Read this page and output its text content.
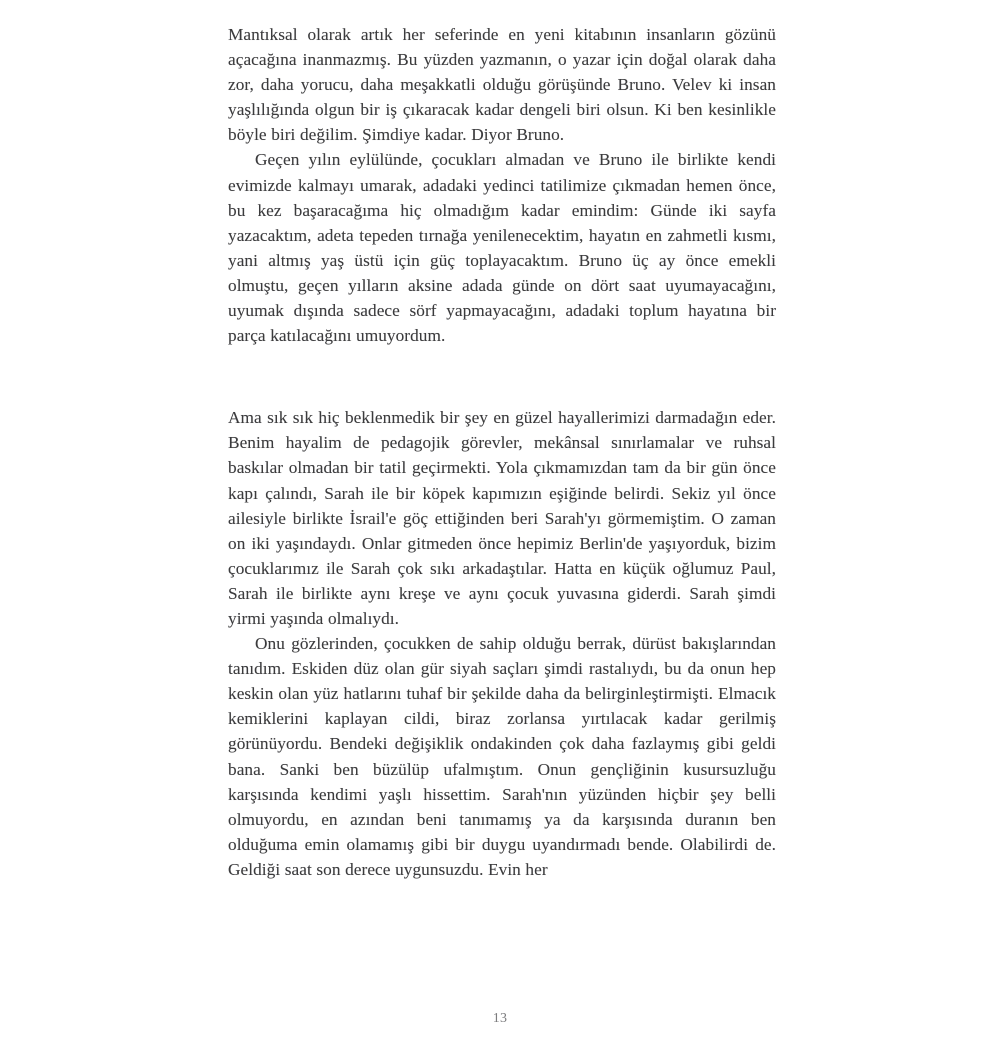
Mantıksal olarak artık her seferinde en yeni kitabının insanların gözünü açacağına inanmazmış. Bu yüzden yazmanın, o yazar için doğal olarak daha zor, daha yorucu, daha meşakkatli olduğu görüşünde Bruno. Velev ki insan yaşlılığında olgun bir iş çıkaracak kadar dengeli biri olsun. Ki ben kesinlikle böyle biri değilim. Şimdiye kadar. Diyor Bruno.

Geçen yılın eylülünde, çocukları almadan ve Bruno ile birlikte kendi evimizde kalmayı umarak, adadaki yedinci tatilimize çıkmadan hemen önce, bu kez başaracağıma hiç olmadığım kadar emindim: Günde iki sayfa yazacaktım, adeta tepeden tırnağa yenilenecektim, hayatın en zahmetli kısmı, yani altmış yaş üstü için güç toplayacaktım. Bruno üç ay önce emekli olmuştu, geçen yılların aksine adada günde on dört saat uyumayacağını, uyumak dışında sadece sörf yapmayacağını, adadaki toplum hayatına bir parça katılacağını umuyordum.

Ama sık sık hiç beklenmedik bir şey en güzel hayallerimizi darmadağın eder. Benim hayalim de pedagojik görevler, mekânsal sınırlamalar ve ruhsal baskılar olmadan bir tatil geçirmekti. Yola çıkmamızdan tam da bir gün önce kapı çalındı, Sarah ile bir köpek kapımızın eşiğinde belirdi. Sekiz yıl önce ailesiyle birlikte İsrail'e göç ettiğinden beri Sarah'yı görmemiştim. O zaman on iki yaşındaydı. Onlar gitmeden önce hepimiz Berlin'de yaşıyorduk, bizim çocuklarımız ile Sarah çok sıkı arkadaştılar. Hatta en küçük oğlumuz Paul, Sarah ile birlikte aynı kreşe ve aynı çocuk yuvasına giderdi. Sarah şimdi yirmi yaşında olmalıydı.

Onu gözlerinden, çocukken de sahip olduğu berrak, dürüst bakışlarından tanıdım. Eskiden düz olan gür siyah saçları şimdi rastalıydı, bu da onun hep keskin olan yüz hatlarını tuhaf bir şekilde daha da belirginleştirmişti. Elmacık kemiklerini kaplayan cildi, biraz zorlansa yırtılacak kadar gerilmiş görünüyordu. Bendeki değişiklik ondakinden çok daha fazlaymış gibi geldi bana. Sanki ben büzülüp ufalmıştım. Onun gençliğinin kusursuzluğu karşısında kendimi yaşlı hissettim. Sarah'nın yüzünden hiçbir şey belli olmuyordu, en azından beni tanımamış ya da karşısında duranın ben olduğuma emin olamamış gibi bir duygu uyandırmadı bende. Olabilirdi de. Geldiği saat son derece uygunsuzdu. Evin her

13
